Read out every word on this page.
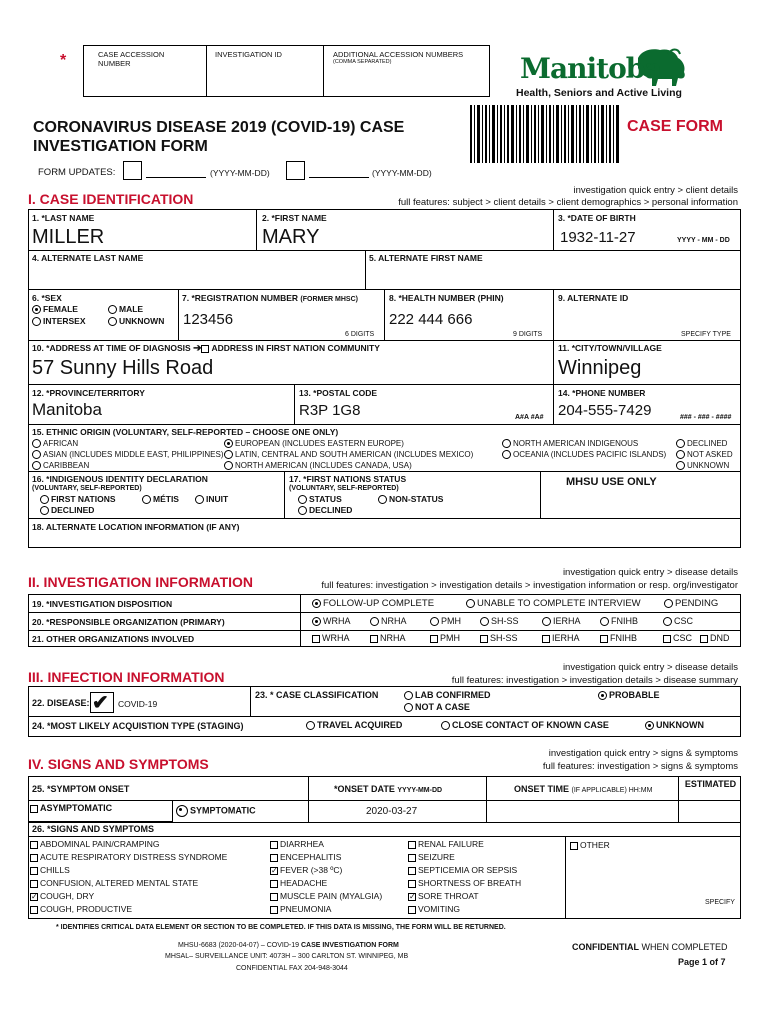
*	CASE ACCESSION NUMBER
INVESTIGATION ID	ADDITIONAL ACCESSION NUMBERS
(COMMA SEPARATED)	Manitoba
Health, Seniors and Active Living
CORONAVIRUS DISEASE 2019 (COVID-19) CASE INVESTIGATION FORM
CASE FORM
FORM UPDATES:	(YYYY-MM-DD)	(YYYY-MM-DD)
I. CASE IDENTIFICATION
investigation quick entry > client details
full features: subject > client details > client demographics > personal information
1. *LAST NAME
MILLER
2. *FIRST NAME
MARY
3. *DATE OF BIRTH
1932-11-27	YYYY - MM - DD
4. ALTERNATE LAST NAME	5. ALTERNATE FIRST NAME
6. *SEX
FEMALE	MALE
INTERSEX	UNKNOWN
7. *REGISTRATION NUMBER (FORMER MHSC)
123456
6 DIGITS
8. *HEALTH NUMBER (PHIN)
222 444 666
9 DIGITS
9. ALTERNATE ID
SPECIFY TYPE
10. *ADDRESS AT TIME OF DIAGNOSIS ➔ ADDRESS IN FIRST NATION COMMUNITY
57 Sunny Hills Road
11. *CITY/TOWN/VILLAGE
Winnipeg
12. *PROVINCE/TERRITORY
Manitoba
13. *POSTAL CODE
R3P 1G8	A#A #A#
14. *PHONE NUMBER
204-555-7429	### - ### - ####
15. ETHNIC ORIGIN (VOLUNTARY, SELF-REPORTED – CHOOSE ONE ONLY)
AFRICAN
ASIAN (INCLUDES MIDDLE EAST, PHILIPPINES)
CARIBBEAN
EUROPEAN (INCLUDES EASTERN EUROPE)
LATIN, CENTRAL AND SOUTH AMERICAN (INCLUDES MEXICO)
NORTH AMERICAN (INCLUDES CANADA, USA)
NORTH AMERICAN INDIGENOUS
OCEANIA (INCLUDES PACIFIC ISLANDS)
DECLINED
NOT ASKED
UNKNOWN
16. *INDIGENOUS IDENTITY DECLARATION
(VOLUNTARY, SELF-REPORTED)
FIRST NATIONS	MÉTIS	INUIT
DECLINED
17. *FIRST NATIONS STATUS
(VOLUNTARY, SELF-REPORTED)
STATUS	NON-STATUS
DECLINED
MHSU USE ONLY
18. ALTERNATE LOCATION INFORMATION (IF ANY)
II. INVESTIGATION INFORMATION
investigation quick entry > disease details
full features: investigation > investigation details > investigation information or resp. org/investigator
19. *INVESTIGATION DISPOSITION	FOLLOW-UP COMPLETE	UNABLE TO COMPLETE INTERVIEW	PENDING
20. *RESPONSIBLE ORGANIZATION (PRIMARY)	WRHA	NRHA	PMH	SH-SS	IERHA	FNIHB	CSC
21. OTHER ORGANIZATIONS INVOLVED	WRHA	NRHA	PMH	SH-SS	IERHA	FNIHB	CSC	DND
III. INFECTION INFORMATION
investigation quick entry > disease details
full features: investigation > investigation details > disease summary
22. DISEASE: ✔ COVID-19
23. * CASE CLASSIFICATION	LAB CONFIRMED
NOT A CASE
PROBABLE
24. *MOST LIKELY ACQUISTION TYPE (STAGING)	TRAVEL ACQUIRED	CLOSE CONTACT OF KNOWN CASE	UNKNOWN
IV. SIGNS AND SYMPTOMS
investigation quick entry > signs & symptoms
full features: investigation > signs & symptoms
25. *SYMPTOM ONSET	*ONSET DATE YYYY-MM-DD	ONSET TIME (IF APPLICABLE) HH:MM
ESTIMATED
ASYMPTOMATIC	SYMPTOMATIC	2020-03-27
26. *SIGNS AND SYMPTOMS
ABDOMINAL PAIN/CRAMPING
ACUTE RESPIRATORY DISTRESS SYNDROME
CHILLS
CONFUSION, ALTERED MENTAL STATE
✓ COUGH, DRY
COUGH, PRODUCTIVE
DIARRHEA
ENCEPHALITIS
✓ FEVER (>38 ºC)
HEADACHE
MUSCLE PAIN (MYALGIA)
PNEUMONIA
RENAL FAILURE
SEIZURE
SEPTICEMIA OR SEPSIS
SHORTNESS OF BREATH
✓ SORE THROAT
VOMITING
OTHER
SPECIFY
* IDENTIFIES CRITICAL DATA ELEMENT OR SECTION TO BE COMPLETED. IF THIS DATA IS MISSING, THE FORM WILL BE RETURNED.
MHSU-6683 (2020-04-07) – COVID-19 CASE INVESTIGATION FORM
MHSAL– SURVEILLANCE UNIT: 4073H – 300 CARLTON ST. WINNIPEG, MB
CONFIDENTIAL FAX 204-948-3044
CONFIDENTIAL WHEN COMPLETED
Page 1 of 7
